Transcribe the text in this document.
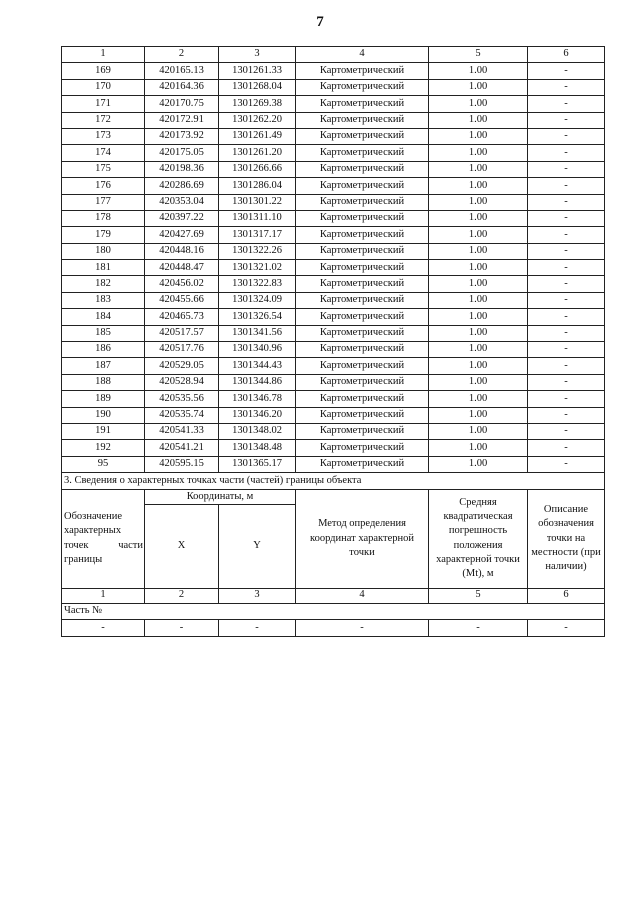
7
1	2	3	4	5	6
169	420165.13	1301261.33	Картометрический	1.00	-
170	420164.36	1301268.04	Картометрический	1.00	-
171	420170.75	1301269.38	Картометрический	1.00	-
172	420172.91	1301262.20	Картометрический	1.00	-
173	420173.92	1301261.49	Картометрический	1.00	-
174	420175.05	1301261.20	Картометрический	1.00	-
175	420198.36	1301266.66	Картометрический	1.00	-
176	420286.69	1301286.04	Картометрический	1.00	-
177	420353.04	1301301.22	Картометрический	1.00	-
178	420397.22	1301311.10	Картометрический	1.00	-
179	420427.69	1301317.17	Картометрический	1.00	-
180	420448.16	1301322.26	Картометрический	1.00	-
181	420448.47	1301321.02	Картометрический	1.00	-
182	420456.02	1301322.83	Картометрический	1.00	-
183	420455.66	1301324.09	Картометрический	1.00	-
184	420465.73	1301326.54	Картометрический	1.00	-
185	420517.57	1301341.56	Картометрический	1.00	-
186	420517.76	1301340.96	Картометрический	1.00	-
187	420529.05	1301344.43	Картометрический	1.00	-
188	420528.94	1301344.86	Картометрический	1.00	-
189	420535.56	1301346.78	Картометрический	1.00	-
190	420535.74	1301346.20	Картометрический	1.00	-
191	420541.33	1301348.02	Картометрический	1.00	-
192	420541.21	1301348.48	Картометрический	1.00	-
95	420595.15	1301365.17	Картометрический	1.00	-
3. Сведения о характерных точках части (частей) границы объекта					
Обозначение характерных точек части границы	Координаты, м		Метод определения координат характерной точки	Средняя квадратическая погрешность положения характерной точки (Mt), м	Описание обозначения точки на местности (при наличии)
	X	Y			
1	2	3	4	5	6
Часть №					
-	-	-	-	-	-
